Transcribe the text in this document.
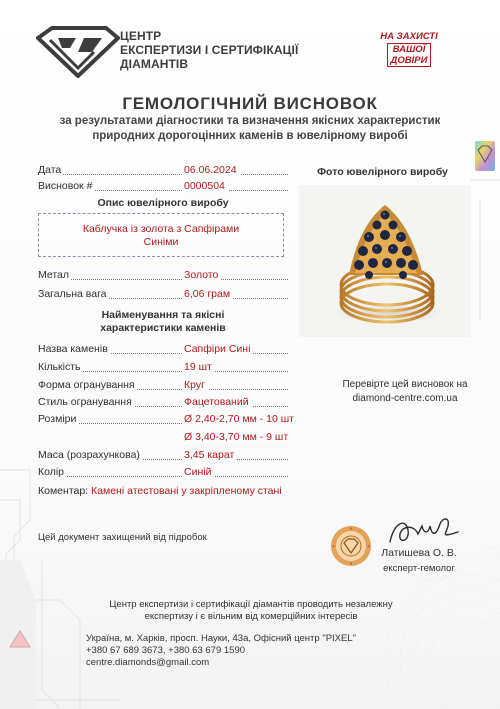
ЦЕНТР
ЕКСПЕРТИЗИ І СЕРТИФІКАЦІЇ
ДІАМАНТІВ
НА ЗАХИСТІ
ВАШОЇ
ДОВІРИ
ГЕМОЛОГІЧНИЙ ВИСНОВОК
за результатами діагностики та визначення якісних характеристик
природних дорогоцінних каменів в ювелірному виробі
Дата	06.06.2024
Висновок #	0000504
Опис ювелірного виробу
Каблучка із золота з Сапфірами
Синіми
Метал	Золото
Загальна вага	6,06 грам
Найменування та якісні
характеристики каменів
Назва каменів	Сапфіри Сині
Кількість	19 шт
Форма огранування	Круг
Стиль огранування	Фацетований
Розміри	Ø 2,40-2,70 мм - 10 шт
Ø 3,40-3,70 мм - 9 шт
Маса (розрахункова)	3,45 карат
Колір	Синій
Коментар: Камені атестовані у закріпленому стані
Фото ювелірного виробу
Перевірте цей висновок на
diamond-centre.com.ua
Цей документ захищений від підробок
Латишева О. В.
експерт-гемолог
Центр експертизи і сертифікації діамантів проводить незалежну
експертизу і є вільним від комерційних інтересів
Україна, м. Харків, просп. Науки, 43а, Офісний центр "PIXEL"
+380 67 689 3673, +380 63 679 1590
centre.diamonds@gmail.com
